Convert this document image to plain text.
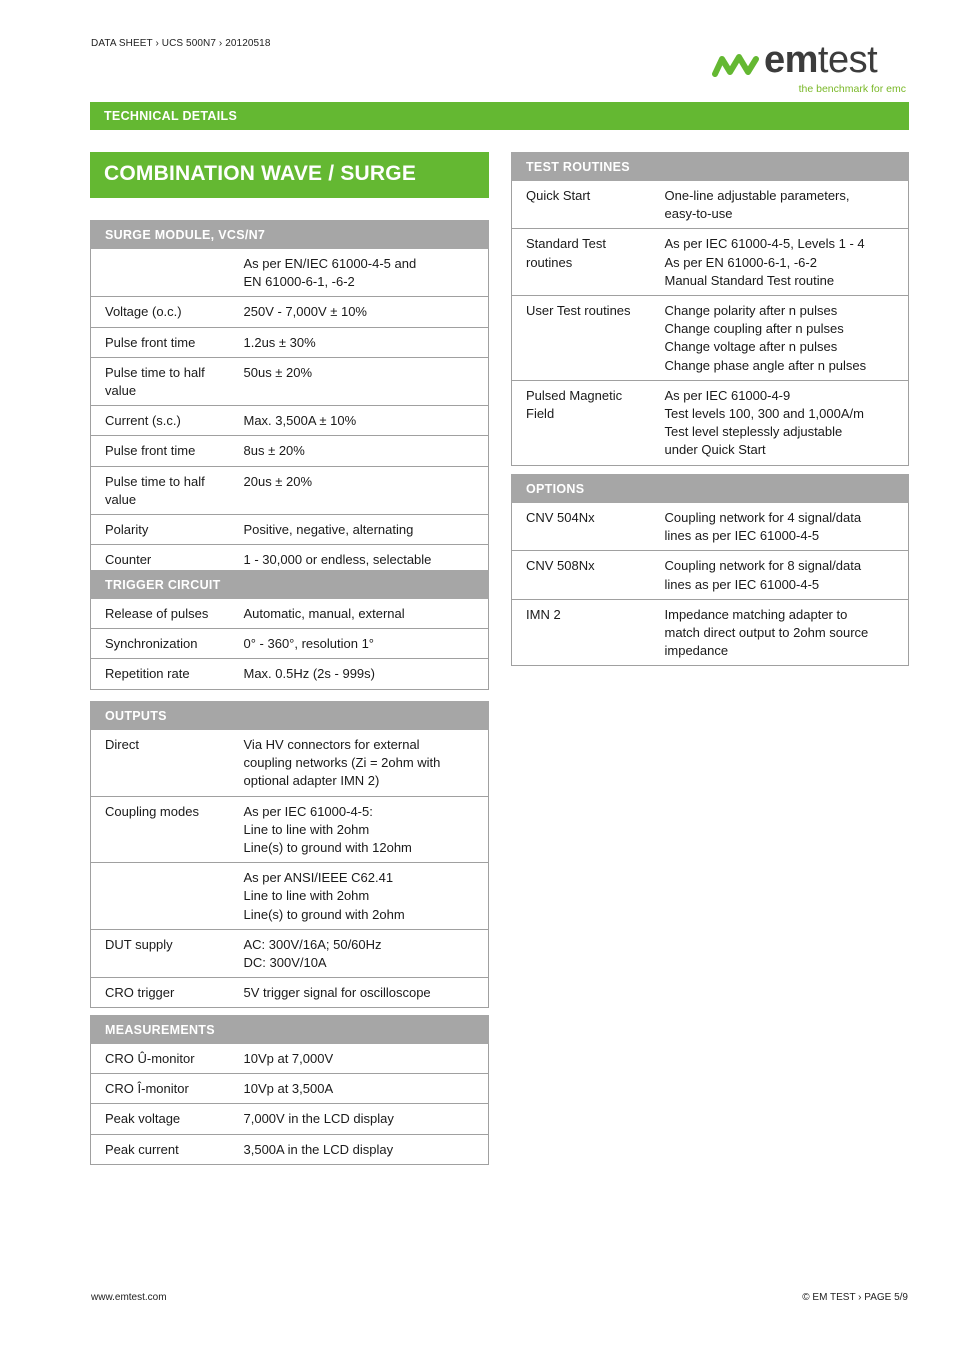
DATA SHEET › UCS 500N7 › 20120518	emtest
the benchmark for emc
TECHNICAL DETAILS
COMBINATION WAVE / SURGE
SURGE MODULE, VCS/N7	
	As per EN/IEC 61000-4-5 and
EN 61000-6-1, -6-2
Voltage (o.c.)	250V - 7,000V ± 10%
Pulse front time	1.2us ± 30%
Pulse time to half
value	50us ± 20%
Current (s.c.)	Max. 3,500A ± 10%
Pulse front time	8us ± 20%
Pulse time to half
value	20us ± 20%
Polarity	Positive, negative, alternating
Counter	1 - 30,000 or endless, selectable
TRIGGER CIRCUIT	
Release of pulses	Automatic, manual, external
Synchronization	0° - 360°, resolution 1°
Repetition rate	Max. 0.5Hz (2s - 999s)
OUTPUTS	
Direct	Via HV connectors for external
coupling networks (Zi = 2ohm with
optional adapter IMN 2)
Coupling modes	As per IEC 61000-4-5:
Line to line with 2ohm
Line(s) to ground with 12ohm
	As per ANSI/IEEE C62.41
Line to line with 2ohm
Line(s) to ground with 2ohm
DUT supply	AC: 300V/16A; 50/60Hz
DC: 300V/10A
CRO trigger	5V trigger signal for oscilloscope
MEASUREMENTS	
CRO Û-monitor	10Vp at 7,000V
CRO Î-monitor	10Vp at 3,500A
Peak voltage	7,000V in the LCD display
Peak current	3,500A in the LCD display
TEST ROUTINES	
Quick Start	One-line adjustable parameters,
easy-to-use
Standard Test
routines	As per IEC 61000-4-5, Levels 1 - 4
As per EN 61000-6-1, -6-2
Manual Standard Test routine
User Test routines	Change polarity after n pulses
Change coupling after n pulses
Change voltage after n pulses
Change phase angle after n pulses
Pulsed Magnetic
Field	As per IEC 61000-4-9
Test levels 100, 300 and 1,000A/m
Test level steplessly adjustable
under Quick Start
OPTIONS	
CNV 504Nx	Coupling network for 4 signal/data
lines as per IEC 61000-4-5
CNV 508Nx	Coupling network for 8 signal/data
lines as per IEC 61000-4-5
IMN 2	Impedance matching adapter to
match direct output to 2ohm source
impedance
www.emtest.com	© EM TEST › PAGE 5/9
